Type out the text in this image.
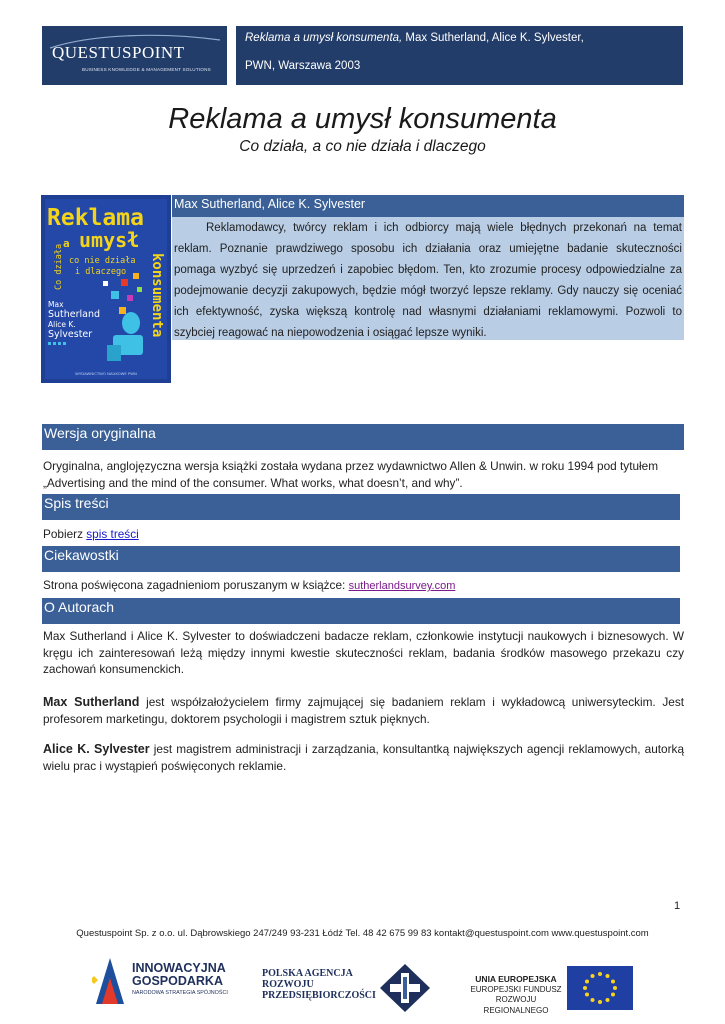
QUESTUSPOINT
BUSINESS KNOWLEDGE & MANAGEMENT SOLUTIONS
Reklama a umysł konsumenta, Max Sutherland, Alice K. Sylvester,
PWN, Warszawa 2003
Reklama a umysł konsumenta
Co działa, a co nie działa i dlaczego
Reklama
a umysł
co nie działa
i dlaczego
Co działa	konsumenta
Max
Sutherland
Alice K.
Sylvester
WYDAWNICTWO NAUKOWE PWN
Max Sutherland, Alice K. Sylvester
Reklamodawcy, twórcy reklam i ich odbiorcy mają wiele błędnych przekonań na temat reklam. Poznanie prawdziwego sposobu ich działania oraz umiejętne badanie skuteczności pomaga wyzbyć się uprzedzeń i zapobiec błędom. Ten, kto zrozumie procesy odpowiedzialne za podejmowanie decyzji zakupowych, będzie mógł tworzyć lepsze reklamy. Gdy nauczy się oceniać ich efektywność, zyska większą kontrolę nad własnymi działaniami reklamowymi. Pozwoli to szybciej reagować na niepowodzenia i osiągać lepsze wyniki.
Wersja oryginalna
Oryginalna, anglojęzyczna wersja książki została wydana przez wydawnictwo Allen & Unwin. w roku 1994 pod tytułem „Advertising and the mind of the consumer. What works, what doesn’t, and why”.
Spis treści
Pobierz spis treści
Ciekawostki
Strona poświęcona zagadnieniom poruszanym w książce: sutherlandsurvey.com
O Autorach
Max Sutherland i Alice K. Sylvester to doświadczeni badacze reklam, członkowie instytucji naukowych i biznesowych. W kręgu ich zainteresowań leżą między innymi kwestie skuteczności reklam, badania środków masowego przekazu czy zachowań konsumenckich.
Max Sutherland jest współzałożycielem firmy zajmującej się badaniem reklam i wykładowcą uniwersyteckim. Jest profesorem marketingu, doktorem psychologii i magistrem sztuk pięknych.
Alice K. Sylvester jest magistrem administracji i zarządzania, konsultantką największych agencji reklamowych, autorką wielu prac i wystąpień poświęconych reklamie.
1
Questuspoint Sp. z o.o. ul. Dąbrowskiego 247/249 93-231 Łódź Tel. 48 42 675 99 83 kontakt@questuspoint.com www.questuspoint.com
INNOWACYJNA
GOSPODARKA
NARODOWA STRATEGIA SPÓJNOŚCI
POLSKA AGENCJA
ROZWOJU
PRZEDSIĘBIORCZOŚCI
UNIA EUROPEJSKA
EUROPEJSKI FUNDUSZ
ROZWOJU REGIONALNEGO
